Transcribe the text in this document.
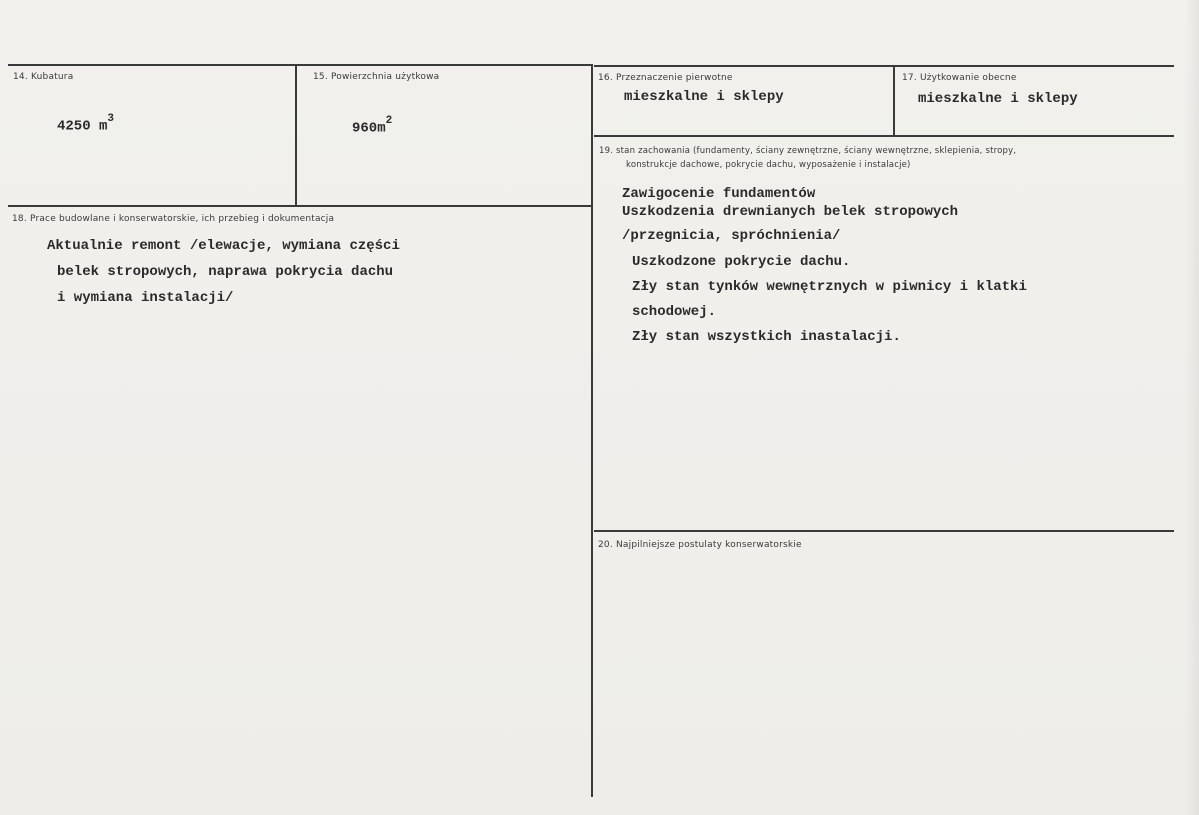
14. Kubatura
4250 $m^3$
15. Powierzchnia użytkowa
$960m^2$
16. Przeznaczenie pierwotne
mieszkalne i sklepy
17. Użytkowanie obecne
mieszkalne i sklepy
18. Prace budowlane i konserwatorskie, ich przebieg i dokumentacja
Aktualnie remont /elewacje, wymiana części
belek stropowych, naprawa pokrycia dachu
i wymiana instalacji/
19. stan zachowania (fundamenty, ściany zewnętrzne, ściany wewnętrzne, sklepienia, stropy,
konstrukcje dachowe, pokrycie dachu, wyposażenie i instalacje)
Zawigocenie fundamentów
Uszkodzenia drewnianych belek stropowych
/przegnicia, spróchnienia/
Uszkodzone pokrycie dachu.
Zły stan tynków wewnętrznych w piwnicy i klatki
schodowej.
Zły stan wszystkich inastalacji.
20. Najpilniejsze postulaty konserwatorskie
